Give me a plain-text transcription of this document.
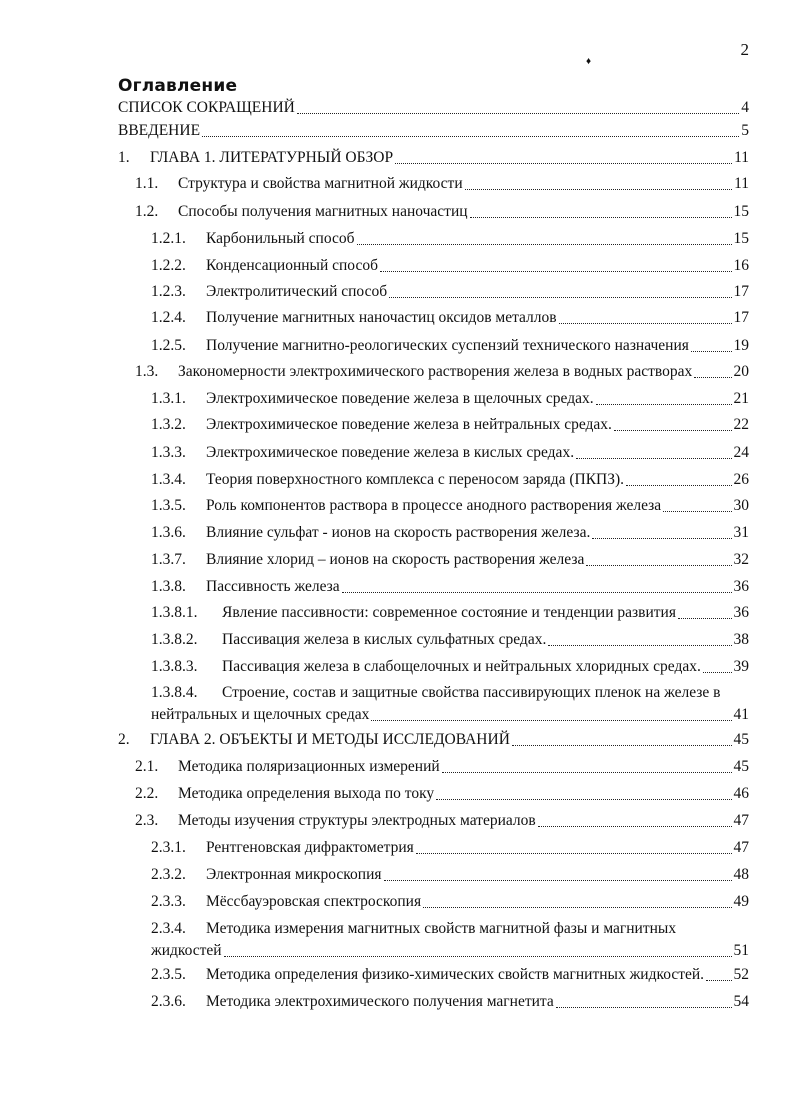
2
♦
Оглавление
СПИСОК СОКРАЩЕНИЙ	4
ВВЕДЕНИЕ	5
1.	ГЛАВА 1. ЛИТЕРАТУРНЫЙ ОБЗОР	11
1.1.	Структура и свойства магнитной жидкости	11
1.2.	Способы получения магнитных наночастиц	15
1.2.1.	Карбонильный способ	15
1.2.2.	Конденсационный способ	16
1.2.3.	Электролитический способ	17
1.2.4.	Получение магнитных наночастиц оксидов металлов	17
1.2.5.	Получение магнитно-реологических суспензий технического назначения	19
1.3.	Закономерности электрохимического растворения железа в водных растворах	20
1.3.1.	Электрохимическое поведение железа в щелочных средах.	21
1.3.2.	Электрохимическое поведение железа в нейтральных средах.	22
1.3.3.	Электрохимическое поведение железа в кислых средах.	24
1.3.4.	Теория поверхностного комплекса с переносом заряда (ПКПЗ).	26
1.3.5.	Роль компонентов раствора в процессе анодного растворения железа	30
1.3.6.	Влияние сульфат - ионов на скорость растворения железа.	31
1.3.7.	Влияние хлорид – ионов на скорость растворения железа	32
1.3.8.	Пассивность железа	36
1.3.8.1.	Явление пассивности: современное состояние и тенденции развития	36
1.3.8.2.	Пассивация железа в кислых сульфатных средах.	38
1.3.8.3.	Пассивация железа в слабощелочных и нейтральных хлоридных средах. 39
1.3.8.4.	Строение, состав и защитные свойства пассивирующих пленок на железе в
нейтральных и щелочных средах	41
2.	ГЛАВА 2. ОБЪЕКТЫ И МЕТОДЫ ИССЛЕДОВАНИЙ	45
2.1.	Методика поляризационных измерений	45
2.2.	Методика определения выхода по току	46
2.3.	Методы изучения структуры электродных материалов	47
2.3.1.	Рентгеновская дифрактометрия	47
2.3.2.	Электронная микроскопия	48
2.3.3.	Мёссбауэровская спектроскопия	49
2.3.4.	Методика измерения магнитных свойств магнитной фазы и магнитных
жидкостей	51
2.3.5.	Методика определения физико-химических свойств магнитных жидкостей. 52
2.3.6.	Методика электрохимического получения магнетита	54
